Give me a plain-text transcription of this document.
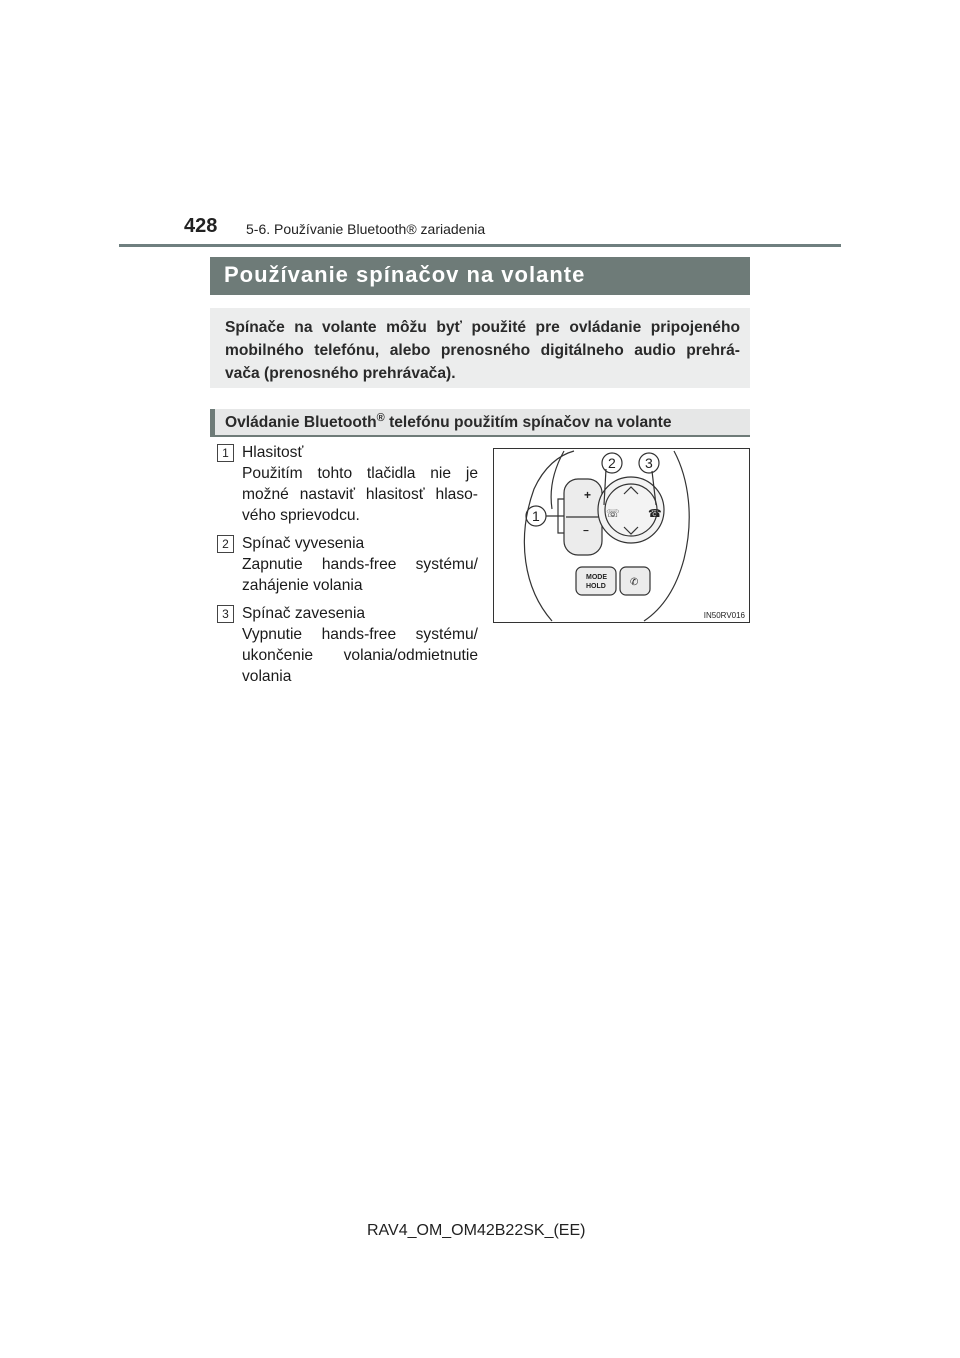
428 5-6. Používanie Bluetooth® zariadenia
Používanie spínačov na volante
Spínače na volante môžu byť použité pre ovládanie pripojeného
mobilného telefónu, alebo prenosného digitálneho audio prehrá-
vača (prenosného prehrávača).
Ovládanie Bluetooth® telefónu použitím spínačov na volante
1 Hlasitosť
Použitím tohto tlačidla nie je
možné nastaviť hlasitosť hlaso-
vého sprievodcu.
2 Spínač vyvesenia
Zapnutie hands-free systému/
zahájenie volania
3 Spínač zavesenia
Vypnutie hands-free systému/
ukončenie volania/odmietnutie
volania
1
2 3
+
−
☏	☎
MODE
HOLD ✆
IN50RV016
RAV4_OM_OM42B22SK_(EE)
